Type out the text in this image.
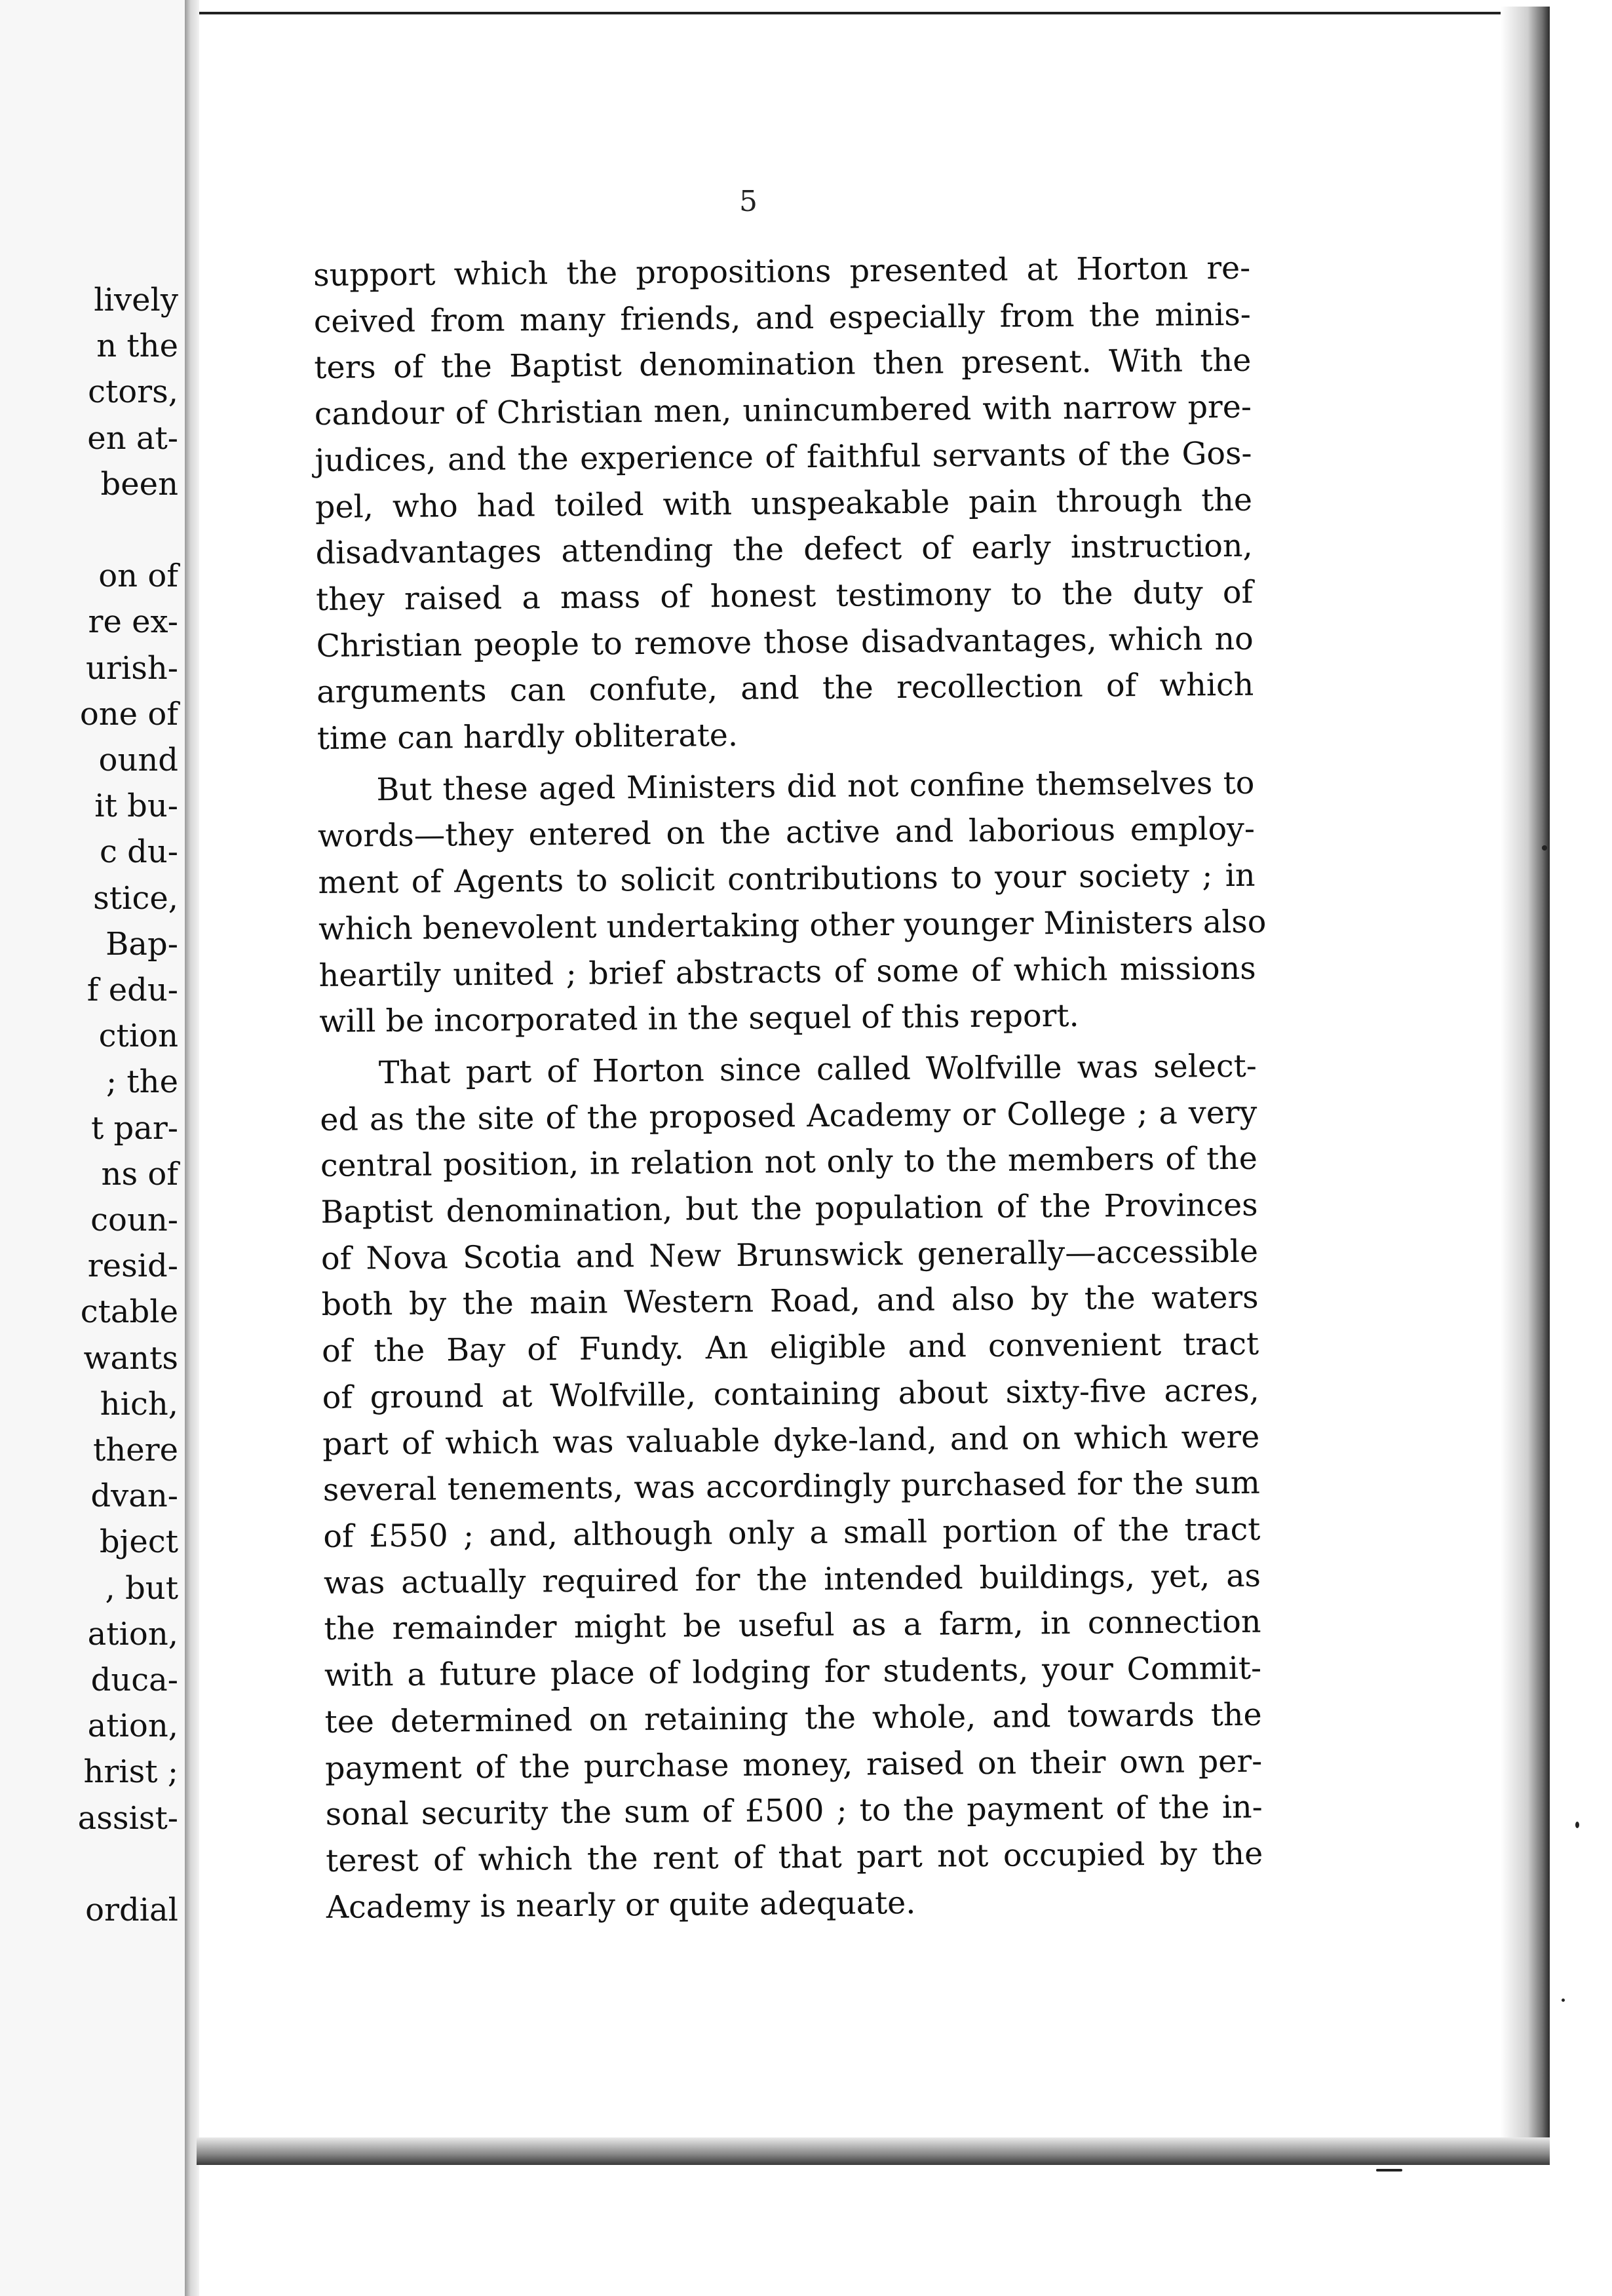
lively
n the
ctors,
en at-
been
on of
re ex-
urish-
one of
ound
it bu-
c du-
stice,
Bap-
f edu-
ction
; the
t par-
ns of
coun-
resid-
ctable
wants
hich,
there
dvan-
bject
, but
ation,
duca-
ation,
hrist ;
assist-
ordial
5
support which the propositions presented at Horton re-
ceived from many friends, and especially from the minis-
ters of the Baptist denomination then present. With the
candour of Christian men, unincumbered with narrow pre-
judices, and the experience of faithful servants of the Gos-
pel, who had toiled with unspeakable pain through the
disadvantages attending the defect of early instruction,
they raised a mass of honest testimony to the duty of
Christian people to remove those disadvantages, which no
arguments can confute, and the recollection of which
time can hardly obliterate.
But these aged Ministers did not confine themselves to
words—they entered on the active and laborious employ-
ment of Agents to solicit contributions to your society ; in
which benevolent undertaking other younger Ministers also
heartily united ; brief abstracts of some of which missions
will be incorporated in the sequel of this report.
That part of Horton since called Wolfville was select-
ed as the site of the proposed Academy or College ; a very
central position, in relation not only to the members of the
Baptist denomination, but the population of the Provinces
of Nova Scotia and New Brunswick generally—accessible
both by the main Western Road, and also by the waters
of the Bay of Fundy. An eligible and convenient tract
of ground at Wolfville, containing about sixty-five acres,
part of which was valuable dyke-land, and on which were
several tenements, was accordingly purchased for the sum
of £550 ; and, although only a small portion of the tract
was actually required for the intended buildings, yet, as
the remainder might be useful as a farm, in connection
with a future place of lodging for students, your Commit-
tee determined on retaining the whole, and towards the
payment of the purchase money, raised on their own per-
sonal security the sum of £500 ; to the payment of the in-
terest of which the rent of that part not occupied by the
Academy is nearly or quite adequate.
